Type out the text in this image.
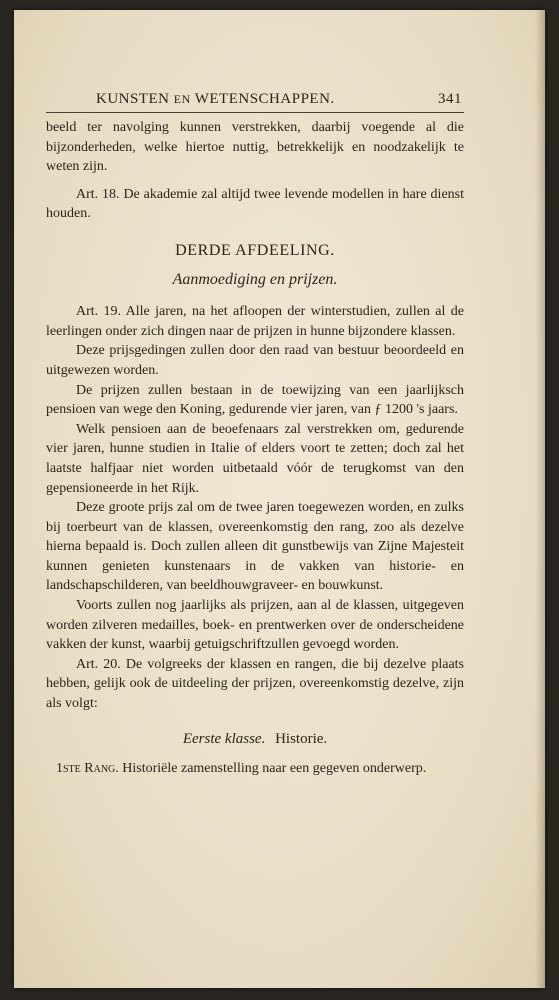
KUNSTEN EN WETENSCHAPPEN.	341

beeld ter navolging kunnen verstrekken, daarbij voegende al die bijzonderheden, welke hiertoe nuttig, betrekkelijk en noodzakelijk te weten zijn.

Art. 18. De akademie zal altijd twee levende modellen in hare dienst houden.

DERDE AFDEELING.
Aanmoediging en prijzen.

Art. 19. Alle jaren, na het afloopen der winterstudien, zullen al de leerlingen onder zich dingen naar de prijzen in hunne bijzondere klassen.

Deze prijsgedingen zullen door den raad van bestuur beoordeeld en uitgewezen worden.

De prijzen zullen bestaan in de toewijzing van een jaarlijksch pensioen van wege den Koning, gedurende vier jaren, van ƒ 1200 's jaars.

Welk pensioen aan de beoefenaars zal verstrekken om, gedurende vier jaren, hunne studien in Italie of elders voort te zetten; doch zal het laatste halfjaar niet worden uitbetaald vóór de terugkomst van den gepensioneerde in het Rijk.

Deze groote prijs zal om de twee jaren toegewezen worden, en zulks bij toerbeurt van de klassen, overeenkomstig den rang, zoo als dezelve hierna bepaald is. Doch zullen alleen dit gunstbewijs van Zijne Majesteit kunnen genieten kunstenaars in de vakken van historie- en landschapschilderen, van beeldhouwgraveer- en bouwkunst.

Voorts zullen nog jaarlijks als prijzen, aan al de klassen, uitgegeven worden zilveren medailles, boek- en prentwerken over de onderscheidene vakken der kunst, waarbij getuigschriftzullen gevoegd worden.

Art. 20. De volgreeks der klassen en rangen, die bij dezelve plaats hebben, gelijk ook de uitdeeling der prijzen, overeenkomstig dezelve, zijn als volgt:

Eerste klasse. Historie.

1ste Rang. Historiële zamenstelling naar een gegeven onderwerp.
